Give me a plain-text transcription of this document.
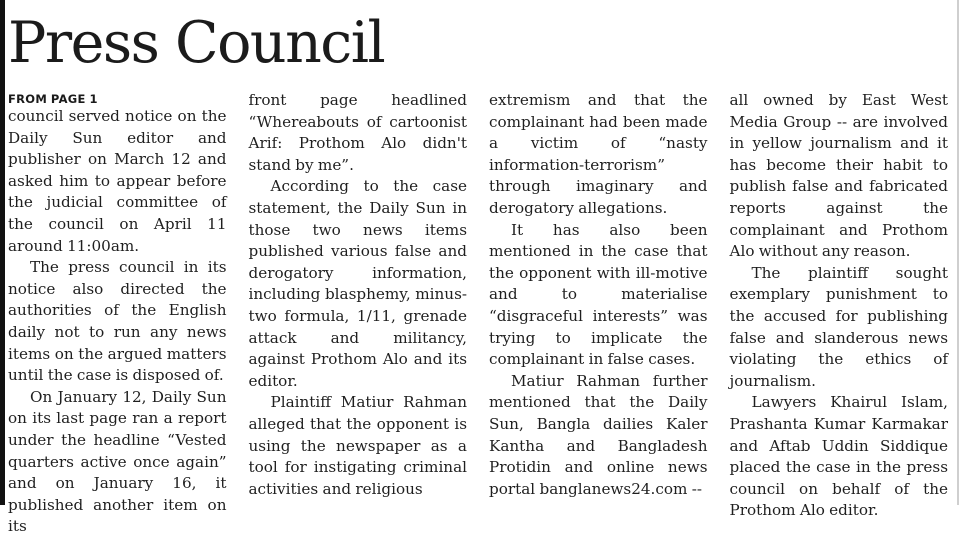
Press Council
FROM PAGE 1

council served notice on the Daily Sun editor and publisher on March 12 and asked him to appear before the judicial committee of the council on April 11 around 11:00am.

The press council in its notice also directed the authorities of the English daily not to run any news items on the argued matters until the case is disposed of.

On January 12, Daily Sun on its last page ran a report under the headline “Vested quarters active once again” and on January 16, it published another item on its

front page headlined “Whereabouts of cartoonist Arif: Prothom Alo didn't stand by me”.

According to the case statement, the Daily Sun in those two news items published various false and derogatory information, including blasphemy, minus-two formula, 1/11, grenade attack and militancy, against Prothom Alo and its editor.

Plaintiff Matiur Rahman alleged that the opponent is using the newspaper as a tool for instigating criminal activities and religious

extremism and that the complainant had been made a victim of “nasty information-terrorism” through imaginary and derogatory allegations.

It has also been mentioned in the case that the opponent with ill-motive and to materialise “disgraceful interests” was trying to implicate the complainant in false cases.

Matiur Rahman further mentioned that the Daily Sun, Bangla dailies Kaler Kantha and Bangladesh Protidin and online news portal banglanews24.com --

all owned by East West Media Group -- are involved in yellow journalism and it has become their habit to publish false and fabricated reports against the complainant and Prothom Alo without any reason.

The plaintiff sought exemplary punishment to the accused for publishing false and slanderous news violating the ethics of journalism.

Lawyers Khairul Islam, Prashanta Kumar Karmakar and Aftab Uddin Siddique placed the case in the press council on behalf of the Prothom Alo editor.
